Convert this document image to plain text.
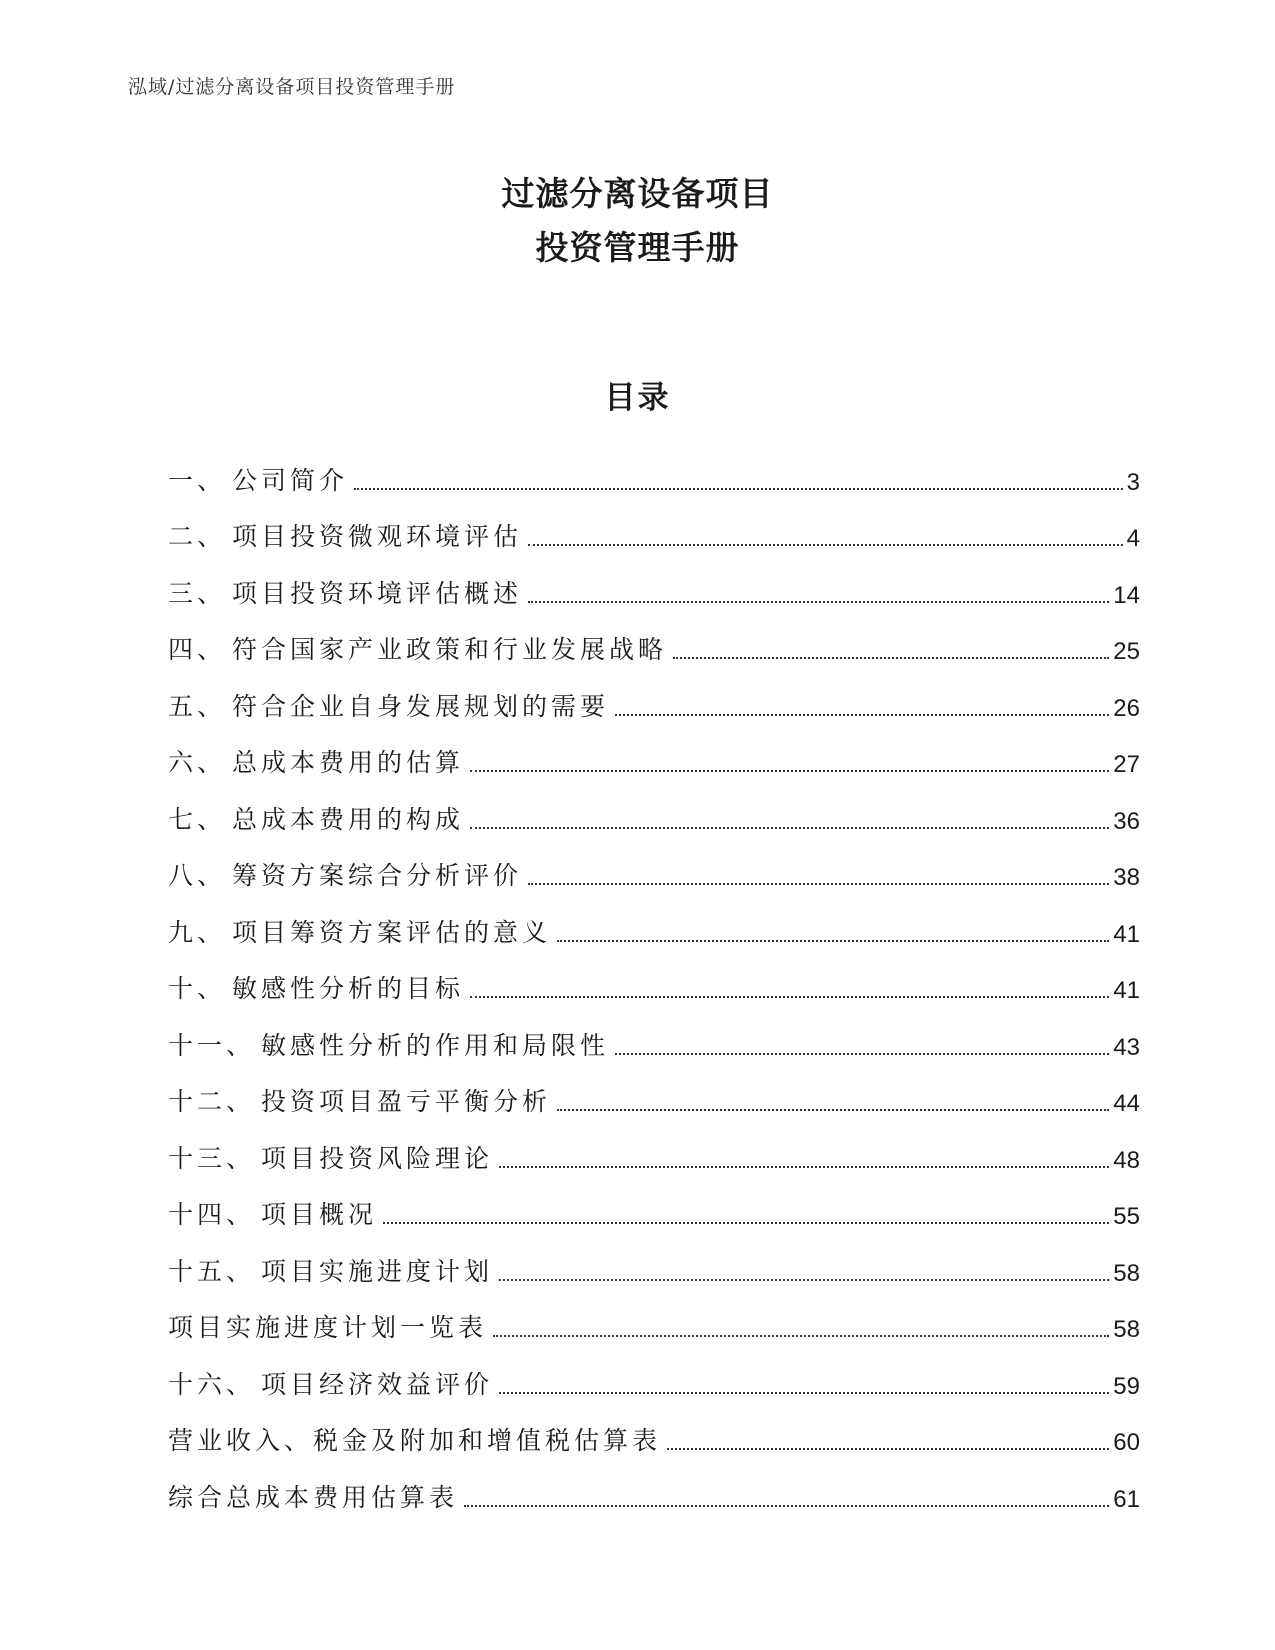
泓域/过滤分离设备项目投资管理手册
过滤分离设备项目
投资管理手册
目录
一、 公司简介	3
二、 项目投资微观环境评估	4
三、 项目投资环境评估概述	14
四、 符合国家产业政策和行业发展战略	25
五、 符合企业自身发展规划的需要	26
六、 总成本费用的估算	27
七、 总成本费用的构成	36
八、 筹资方案综合分析评价	38
九、 项目筹资方案评估的意义	41
十、 敏感性分析的目标	41
十一、 敏感性分析的作用和局限性	43
十二、 投资项目盈亏平衡分析	44
十三、 项目投资风险理论	48
十四、 项目概况	55
十五、 项目实施进度计划	58
项目实施进度计划一览表	58
十六、 项目经济效益评价	59
营业收入、税金及附加和增值税估算表	60
综合总成本费用估算表	61
